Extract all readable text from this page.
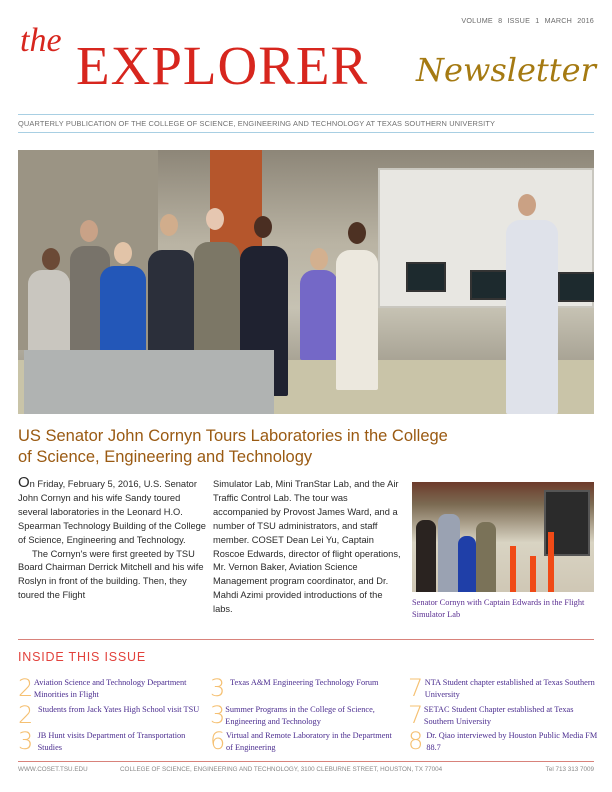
VOLUME 8 ISSUE 1 MARCH 2016
the EXPLORER Newsletter
QUARTERLY PUBLICATION OF THE COLLEGE OF SCIENCE, ENGINEERING AND TECHNOLOGY AT TEXAS SOUTHERN UNIVERSITY
US Senator John Cornyn Tours Laboratories in the College of Science, Engineering and Technology

On Friday, February 5, 2016, U.S. Senator John Cornyn and his wife Sandy toured several laboratories in the Leonard H.O. Spearman Technology Building of the College of Science, Engineering and Technology.

The Cornyn's were first greeted by TSU Board Chairman Derrick Mitchell and his wife Roslyn in front of the building. Then, they toured the Flight

Simulator Lab, Mini TranStar Lab, and the Air Traffic Control Lab. The tour was accompanied by Provost James Ward, and a number of TSU administrators, and staff member. COSET Dean Lei Yu, Captain Roscoe Edwards, director of flight operations, Mr. Vernon Baker, Aviation Science Management program coordinator, and Dr. Mahdi Azimi provided introductions of the labs.

Senator Cornyn with Captain Edwards in the Flight Simulator Lab
INSIDE THIS ISSUE
2 Aviation Science and Technology Department Minorities in Flight
2 Students from Jack Yates High School visit TSU
3 JB Hunt visits Department of Transportation Studies
3 Texas A&M Engineering Technology Forum
3 Summer Programs in the College of Science, Engineering and Technology
6 Virtual and Remote Laboratory in the Department of Engineering
7 NTA Student chapter established at Texas Southern University
7 SETAC Student Chapter established at Texas Southern University
8 Dr. Qiao interviewed by Houston Public Media FM 88.7
WWW.COSET.TSU.EDU	COLLEGE OF SCIENCE, ENGINEERING AND TECHNOLOGY, 3100 CLEBURNE STREET, HOUSTON, TX 77004	Tel 713 313 7009
